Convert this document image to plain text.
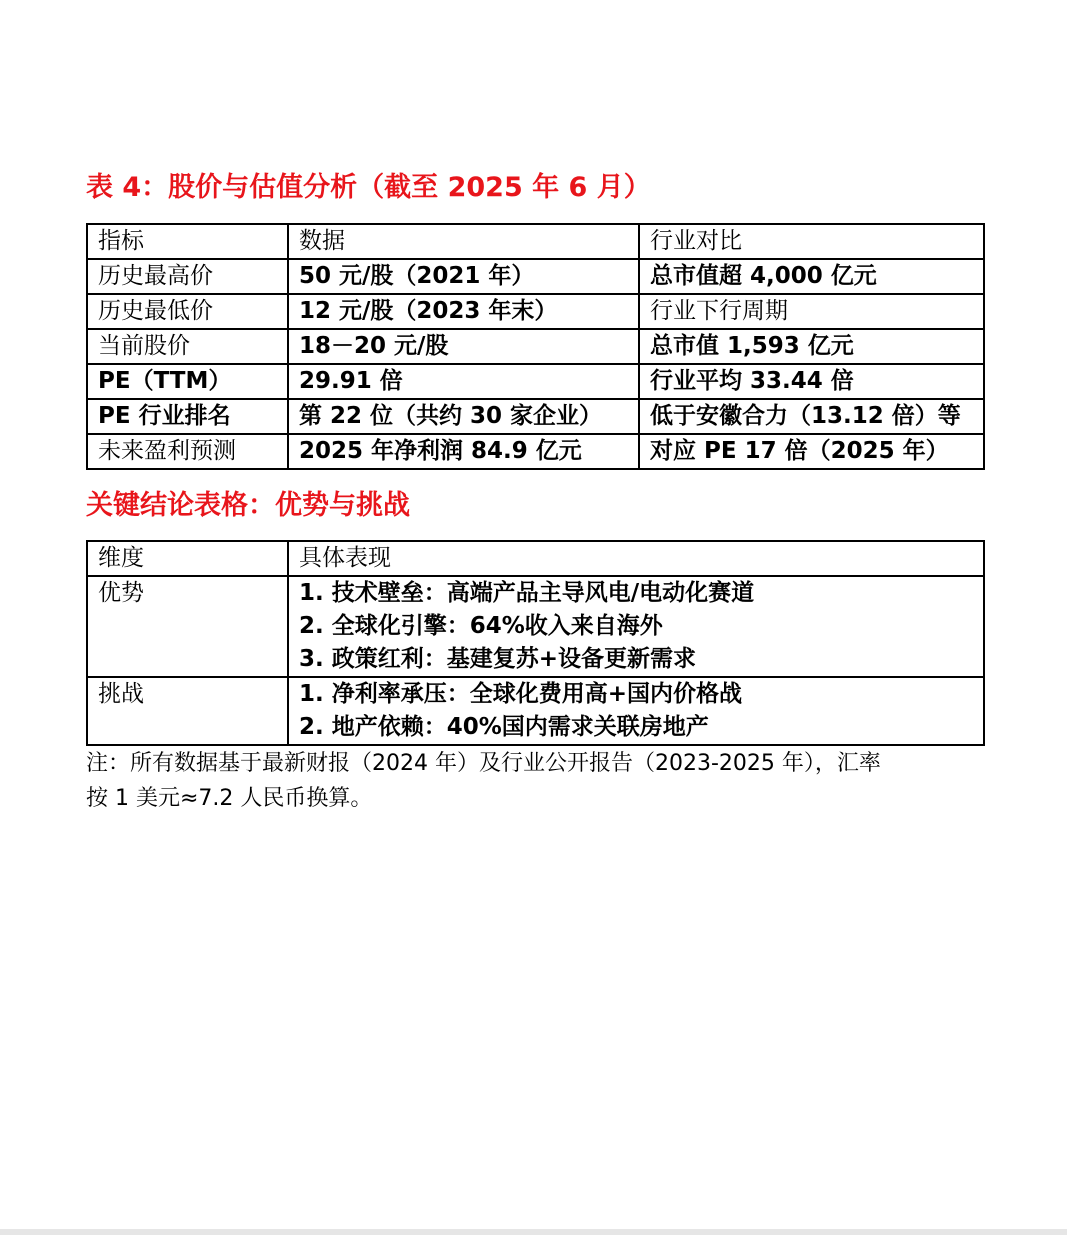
表 4：股价与估值分析（截至 2025 年 6 月）
指标	数据	行业对比
历史最高价	50 元/股（2021 年）	总市值超 4,000 亿元
历史最低价	12 元/股（2023 年末）	行业下行周期
当前股价	18－20 元/股	总市值 1,593 亿元
PE（TTM）	29.91 倍	行业平均 33.44 倍
PE 行业排名	第 22 位（共约 30 家企业）	低于安徽合力（13.12 倍）等
未来盈利预测	2025 年净利润 84.9 亿元	对应 PE 17 倍（2025 年）
关键结论表格：优势与挑战
维度	具体表现
优势	1. 技术壁垒：高端产品主导风电/电动化赛道
2. 全球化引擎：64%收入来自海外
3. 政策红利：基建复苏+设备更新需求

挑战	1. 净利率承压：全球化费用高+国内价格战
2. 地产依赖：40%国内需求关联房地产
注：所有数据基于最新财报（2024 年）及行业公开报告（2023-2025 年），汇率
按 1 美元≈7.2 人民币换算。
